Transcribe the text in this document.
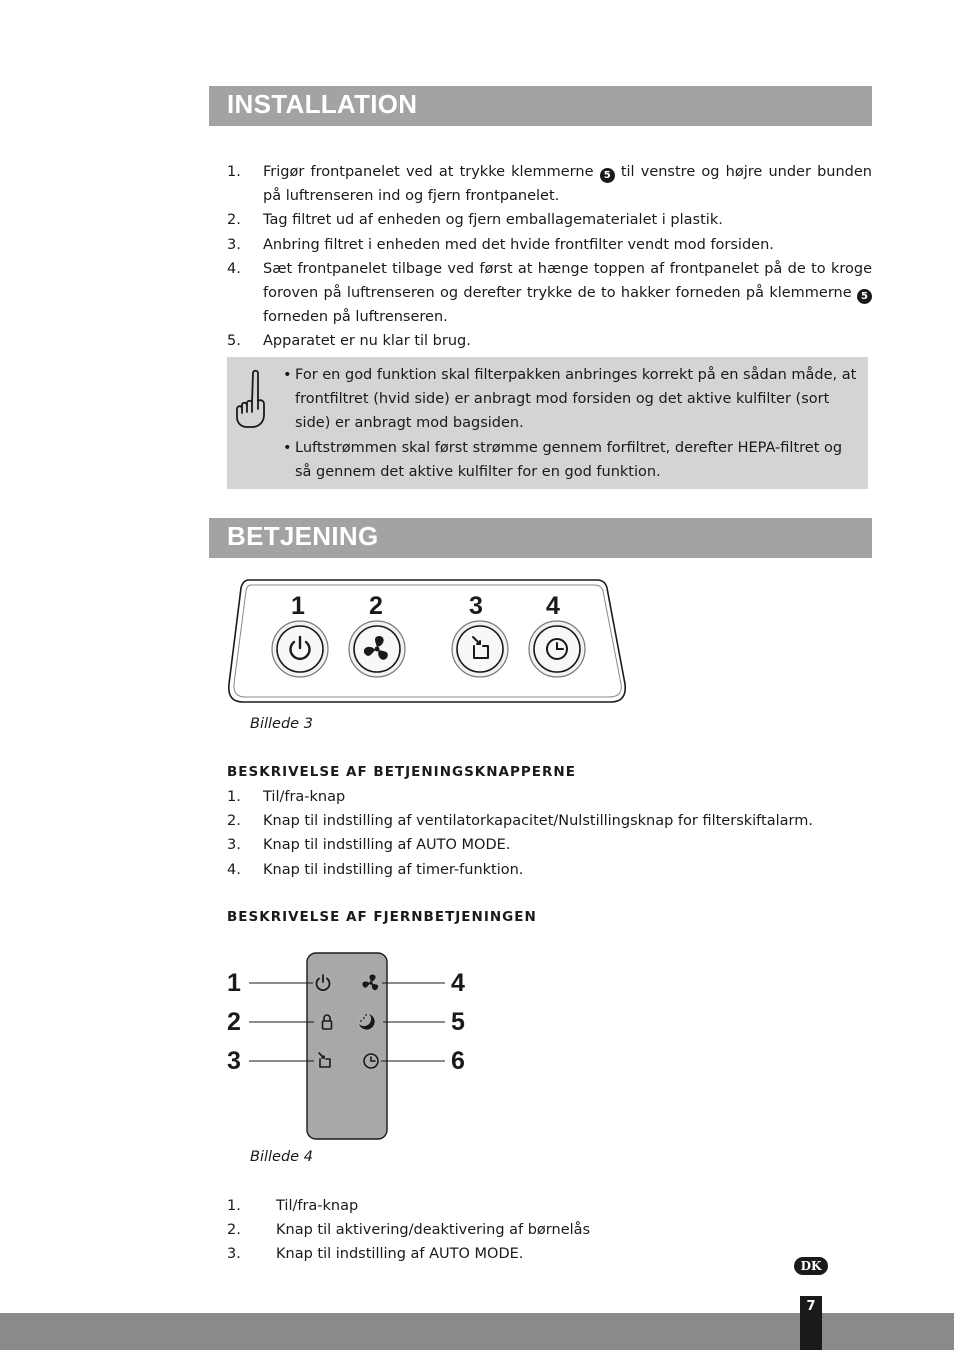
INSTALLATION
1. Frigør frontpanelet ved at trykke klemmerne 5 til venstre og højre under bunden på luftrenseren ind og fjern frontpanelet.
2. Tag filtret ud af enheden og fjern emballagematerialet i plastik.
3. Anbring filtret i enheden med det hvide frontfilter vendt mod forsiden.
4. Sæt frontpanelet tilbage ved først at hænge toppen af frontpanelet på de to kroge foroven på luftrenseren og derefter trykke de to hakker forneden på klemmerne 5 forneden på luftrenseren.
5. Apparatet er nu klar til brug.
• For en god funktion skal filterpakken anbringes korrekt på en sådan måde, at frontfiltret (hvid side) er anbragt mod forsiden og det aktive kulfilter (sort side) er anbragt mod bagsiden.
• Luftstrømmen skal først strømme gennem forfiltret, derefter HEPA-filtret og så gennem det aktive kulfilter for en god funktion.
BETJENING
1	2	3	4
Billede 3
BESKRIVELSE AF BETJENINGSKNAPPERNE
1. Til/fra-knap
2. Knap til indstilling af ventilatorkapacitet/Nulstillingsknap for filterskiftalarm.
3. Knap til indstilling af AUTO MODE.
4. Knap til indstilling af timer-funktion.
BESKRIVELSE AF FJERNBETJENINGEN
1
2
3
4
5
6
Billede 4
1. Til/fra-knap
2. Knap til aktivering/deaktivering af børnelås
3. Knap til indstilling af AUTO MODE.
DK
7
